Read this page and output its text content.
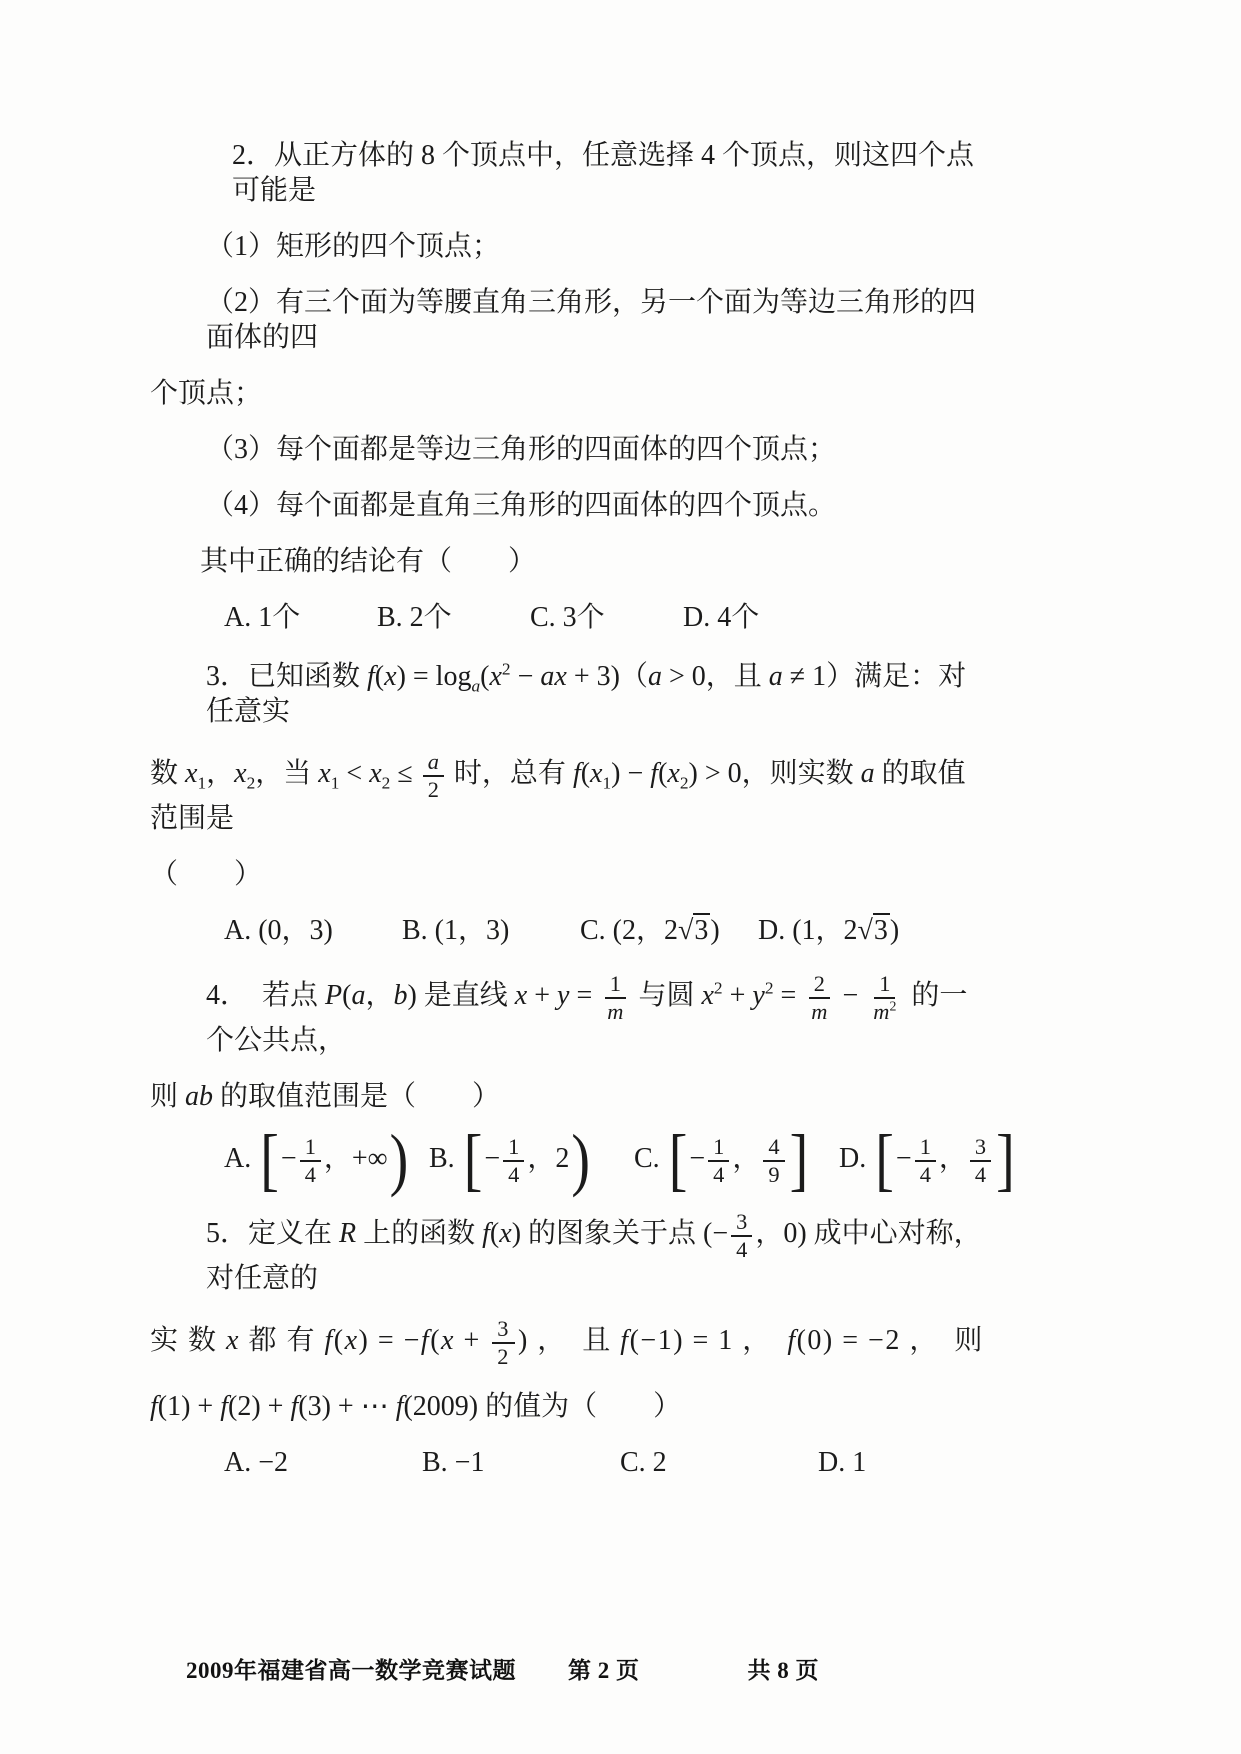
2．从正方体的 8 个顶点中，任意选择 4 个顶点，则这四个点可能是

（1）矩形的四个顶点；

（2）有三个面为等腰直角三角形，另一个面为等边三角形的四面体的四

个顶点；

（3）每个面都是等边三角形的四面体的四个顶点；

（4）每个面都是直角三角形的四面体的四个顶点。

其中正确的结论有（　　）

A. 1个	B. 2个	C. 3个	D. 4个

3．已知函数 $f(x) = \log_a(x^2$ − ax + 3)（a > 0，且 a ≠ 1）满足：对任意实

数 $x_1$，$x_2$，当 $x_1 < x_2 \le \frac{a}{2}$ 时，总有 $f(x_1) - f(x_2) > 0$，则实数 a 的取值范围是

（　　）

A. (0，3)	B. (1，3)	C. (2，2√3)	D. (1，2√3)

4．　若点 P(a，b) 是直线 $x + y = \frac{1}{m}$ 与圆 $x^2 + y^2 = \frac{2}{m} - \frac{1}{m^2}$ 的一个公共点，

则 ab 的取值范围是（　　）

A. [− $\frac{1}{4}$ ，+∞) B. [− $\frac{1}{4}$ ，2)	C. [− $\frac{1}{4}$ ， $\frac{4}{9}$ ]	D. [− $\frac{1}{4}$ ， $\frac{3}{4}$ ]

5．定义在 R 上的函数 f(x) 的图象关于点 (− $\frac{3}{4}$ ，0) 成中心对称，对任意的

实 数 x 都 有 $f(x) = -f(x + \frac{3}{2}$ ) ，　且 f(−1) = 1 ，　f(0) = −2 ，　则

f(1) + f(2) + f(3) + ⋯ f(2009) 的值为（　　）

A. −2	B. −1	C. 2	D. 1
2009年福建省高一数学竞赛试题 第 2 页	共 8 页
